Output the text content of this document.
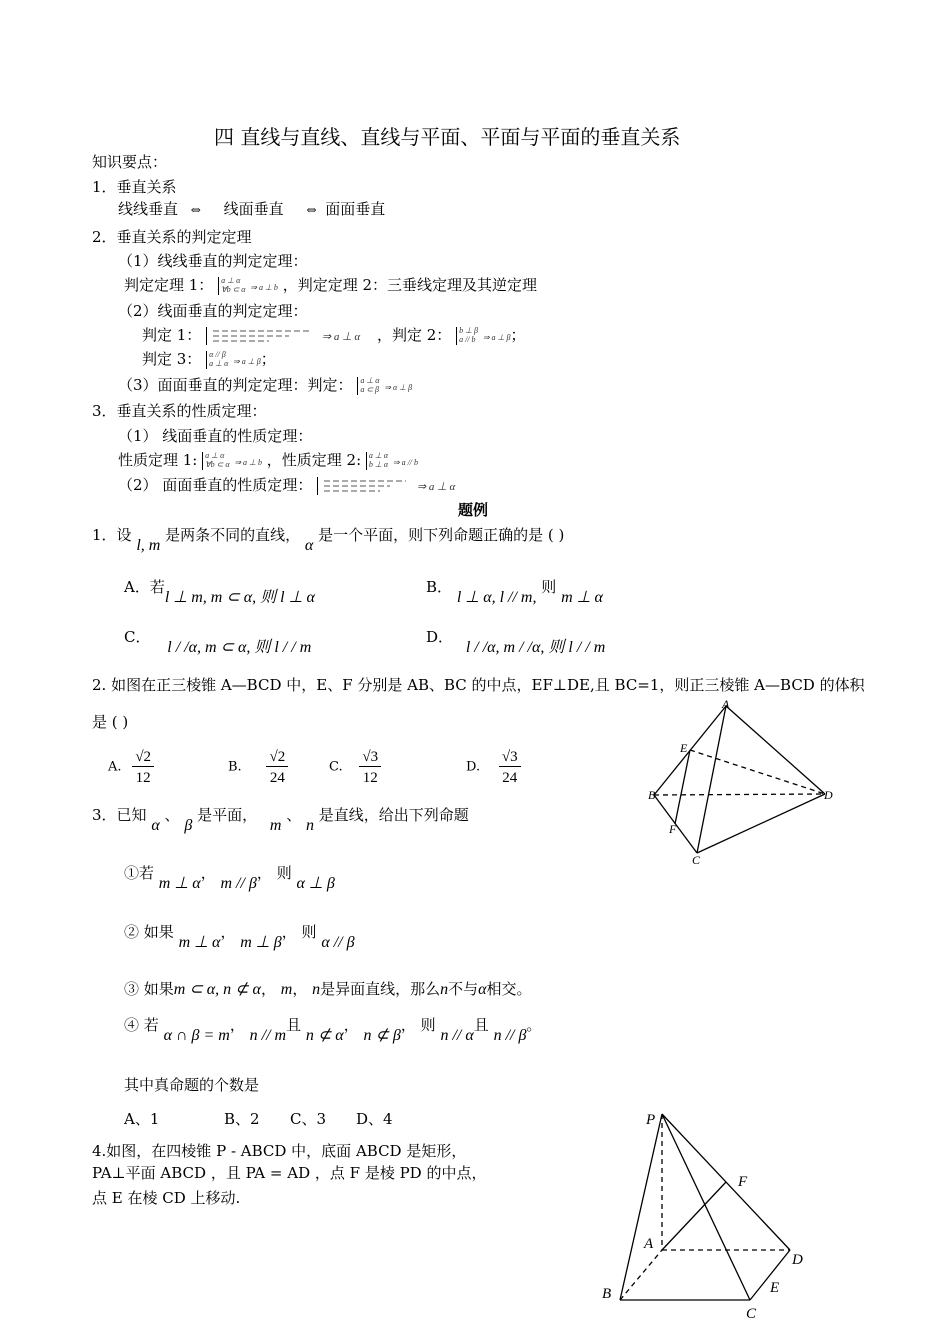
四 直线与直线、直线与平面、平面与平面的垂直关系
知识要点：
1．垂直关系
线线垂直 ⇔ 线面垂直 ⇔ 面面垂直
2．垂直关系的判定定理
（1）线线垂直的判定定理：
判定定理 1： a ⊥ α
∀b ⊂ α ⇒ a ⊥ b ，判定定理 2：三垂线定理及其逆定理
（2）线面垂直的判定定理：
判定 1：	⇒ a ⊥ α ，判定 2： b ⊥ β
a // b ⇒ a ⊥ β；
判定 3： α // β
a ⊥ α ⇒ a ⊥ β；
（3）面面垂直的判定定理：判定： a ⊥ α
a ⊂ β ⇒ α ⊥ β
3．垂直关系的性质定理：
（1） 线面垂直的性质定理：
性质定理 1: a ⊥ α
∀b ⊂ α ⇒ a ⊥ b ，性质定理 2: a ⊥ α
b ⊥ α ⇒ a // b
（2） 面面垂直的性质定理：	⇒ a ⊥ α
题例
1．设 l, m 是两条不同的直线， α 是一个平面，则下列命题正确的是 ( )
A．若l ⊥ m, m ⊂ α, 则 l ⊥ α
B． l ⊥ α, l // m, 则 m ⊥ α
C． l / /α, m ⊂ α, 则 l / / m
D． l / /α, m / /α, 则 l / / m
2. 如图在正三棱锥 A—BCD 中，E、F 分别是 AB、BC 的中点，EF⊥DE,且 BC=1，则正三棱锥 A—BCD 的体积
是 ( )
A. $\frac{√2}{12}$	B. $\frac{√2}{24}$	C. $\frac{√3}{12}$	D. $\frac{√3}{24}$
A
B
C
D
E
F
3．已知 α 、 β 是平面， m 、 n 是直线，给出下列命题
①若 m ⊥ α， m // β， 则 α ⊥ β
② 如果 m ⊥ α， m ⊥ β， 则 α // β
③ 如果m ⊂ α, n ⊄ α， m， n是异面直线，那么n不与α相交。
④ 若 α ∩ β = m， n // m且 n ⊄ α， n ⊄ β， 则 n // α且 n // β。
其中真命题的个数是
A、1	B、2 C、3 D、4
4.如图，在四棱锥 P - ABCD 中，底面 ABCD 是矩形，
PA⊥平面 ABCD ，且 PA = AD ，点 F 是棱 PD 的中点，
点 E 在棱 CD 上移动.
P
A
B
C
D
E
F
